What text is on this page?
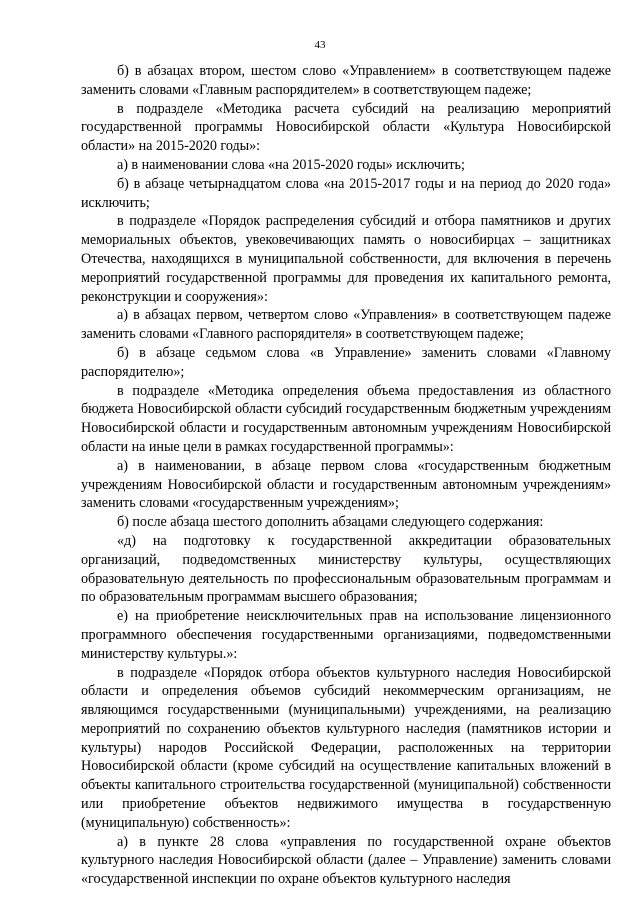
43

б) в абзацах втором, шестом слово «Управлением» в соответствующем падеже заменить словами «Главным распорядителем» в соответствующем падеже;

в подразделе «Методика расчета субсидий на реализацию мероприятий государственной программы Новосибирской области «Культура Новосибирской области» на 2015-2020 годы»:

а) в наименовании слова «на 2015-2020 годы» исключить;

б) в абзаце четырнадцатом слова «на 2015-2017 годы и на период до 2020 года» исключить;

в подразделе «Порядок распределения субсидий и отбора памятников и других мемориальных объектов, увековечивающих память о новосибирцах – защитниках Отечества, находящихся в муниципальной собственности, для включения в перечень мероприятий государственной программы для проведения их капитального ремонта, реконструкции и сооружения»:

а) в абзацах первом, четвертом слово «Управления» в соответствующем падеже заменить словами «Главного распорядителя» в соответствующем падеже;

б) в абзаце седьмом слова «в Управление» заменить словами «Главному распорядителю»;

в подразделе «Методика определения объема предоставления из областного бюджета Новосибирской области субсидий государственным бюджетным учреждениям Новосибирской области и государственным автономным учреждениям Новосибирской области на иные цели в рамках государственной программы»:

а) в наименовании, в абзаце первом слова «государственным бюджетным учреждениям Новосибирской области и государственным автономным учреждениям» заменить словами «государственным учреждениям»;

б) после абзаца шестого дополнить абзацами следующего содержания:

«д) на подготовку к государственной аккредитации образовательных организаций, подведомственных министерству культуры, осуществляющих образовательную деятельность по профессиональным образовательным программам и по образовательным программам высшего образования;

е) на приобретение неисключительных прав на использование лицензионного программного обеспечения государственными организациями, подведомственными министерству культуры.»:

в подразделе «Порядок отбора объектов культурного наследия Новосибирской области и определения объемов субсидий некоммерческим организациям, не являющимся государственными (муниципальными) учреждениями, на реализацию мероприятий по сохранению объектов культурного наследия (памятников истории и культуры) народов Российской Федерации, расположенных на территории Новосибирской области (кроме субсидий на осуществление капитальных вложений в объекты капитального строительства государственной (муниципальной) собственности или приобретение объектов недвижимого имущества в государственную (муниципальную) собственность»:

а) в пункте 28 слова «управления по государственной охране объектов культурного наследия Новосибирской области (далее – Управление) заменить словами «государственной инспекции по охране объектов культурного наследия
